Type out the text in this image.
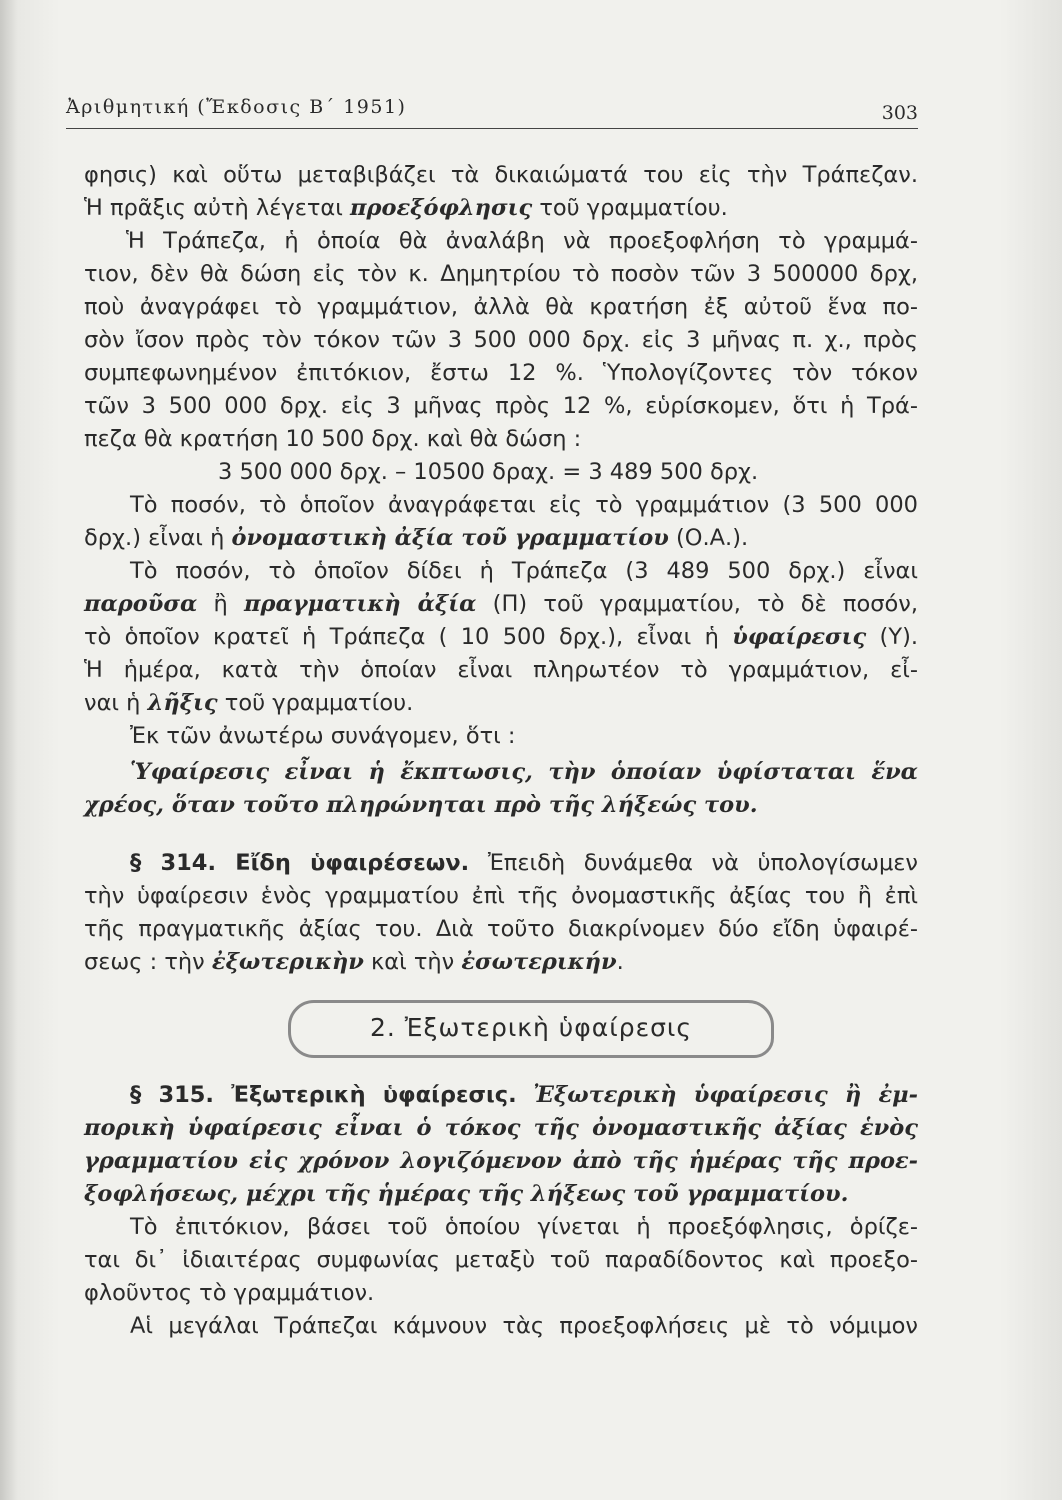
Ἀριθμητική (Ἔκδοσις Β΄ 1951)	303
φησις) καὶ οὕτω μεταβιβάζει τὰ δικαιώματά του εἰς τὴν Τράπεζαν.
Ἡ πρᾶξις αὐτὴ λέγεται προεξόφλησις τοῦ γραμματίου.
Ἡ Τράπεζα, ἡ ὁποία θὰ ἀναλάβη νὰ προεξοφλήση τὸ γραμμά-
τιον, δὲν θὰ δώση εἰς τὸν κ. Δημητρίου τὸ ποσὸν τῶν 3 500000 δρχ,
ποὺ ἀναγράφει τὸ γραμμάτιον, ἀλλὰ θὰ κρατήση ἐξ αὐτοῦ ἕνα πο-
σὸν ἴσον πρὸς τὸν τόκον τῶν 3 500 000 δρχ. εἰς 3 μῆνας π. χ., πρὸς
συμπεφωνημένον ἐπιτόκιον, ἔστω 12 %. Ὑπολογίζοντες τὸν τόκον
τῶν 3 500 000 δρχ. εἰς 3 μῆνας πρὸς 12 %, εὑρίσκομεν, ὅτι ἡ Τρά-
πεζα θὰ κρατήση 10 500 δρχ. καὶ θὰ δώση :
3 500 000 δρχ. – 10500 δραχ. = 3 489 500 δρχ.
Τὸ ποσόν, τὸ ὁποῖον ἀναγράφεται εἰς τὸ γραμμάτιον (3 500 000
δρχ.) εἶναι ἡ ὀνομαστικὴ ἀξία τοῦ γραμματίου (Ο.Α.).
Τὸ ποσόν, τὸ ὁποῖον δίδει ἡ Τράπεζα (3 489 500 δρχ.) εἶναι
παροῦσα ἢ πραγματικὴ ἀξία (Π) τοῦ γραμματίου, τὸ δὲ ποσόν,
τὸ ὁποῖον κρατεῖ ἡ Τράπεζα ( 10 500 δρχ.), εἶναι ἡ ὑφαίρεσις (Υ).
Ἡ ἡμέρα, κατὰ τὴν ὁποίαν εἶναι πληρωτέον τὸ γραμμάτιον, εἶ-
ναι ἡ λῆξις τοῦ γραμματίου.
Ἐκ τῶν ἀνωτέρω συνάγομεν, ὅτι :
Ὑφαίρεσις εἶναι ἡ ἔκπτωσις, τὴν ὁποίαν ὑφίσταται ἕνα
χρέος, ὅταν τοῦτο πληρώνηται πρὸ τῆς λήξεώς του.
§ 314. Εἴδη ὑφαιρέσεων. Ἐπειδὴ δυνάμεθα νὰ ὑπολογίσωμεν
τὴν ὑφαίρεσιν ἑνὸς γραμματίου ἐπὶ τῆς ὀνομαστικῆς ἀξίας του ἢ ἐπὶ
τῆς πραγματικῆς ἀξίας του. Διὰ τοῦτο διακρίνομεν δύο εἴδη ὑφαιρέ-
σεως : τὴν ἐξωτερικὴν καὶ τὴν ἐσωτερικήν.
2. Ἐξωτερικὴ ὑφαίρεσις
§ 315. Ἐξωτερικὴ ὑφαίρεσις. Ἐξωτερικὴ ὑφαίρεσις ἢ ἐμ-
πορικὴ ὑφαίρεσις εἶναι ὁ τόκος τῆς ὀνομαστικῆς ἀξίας ἑνὸς
γραμματίου εἰς χρόνον λογιζόμενον ἀπὸ τῆς ἡμέρας τῆς προε-
ξοφλήσεως, μέχρι τῆς ἡμέρας τῆς λήξεως τοῦ γραμματίου.
Τὸ ἐπιτόκιον, βάσει τοῦ ὁποίου γίνεται ἡ προεξόφλησις, ὁρίζε-
ται δι᾽ ἰδιαιτέρας συμφωνίας μεταξὺ τοῦ παραδίδοντος καὶ προεξο-
φλοῦντος τὸ γραμμάτιον.
Αἱ μεγάλαι Τράπεζαι κάμνουν τὰς προεξοφλήσεις μὲ τὸ νόμιμον
